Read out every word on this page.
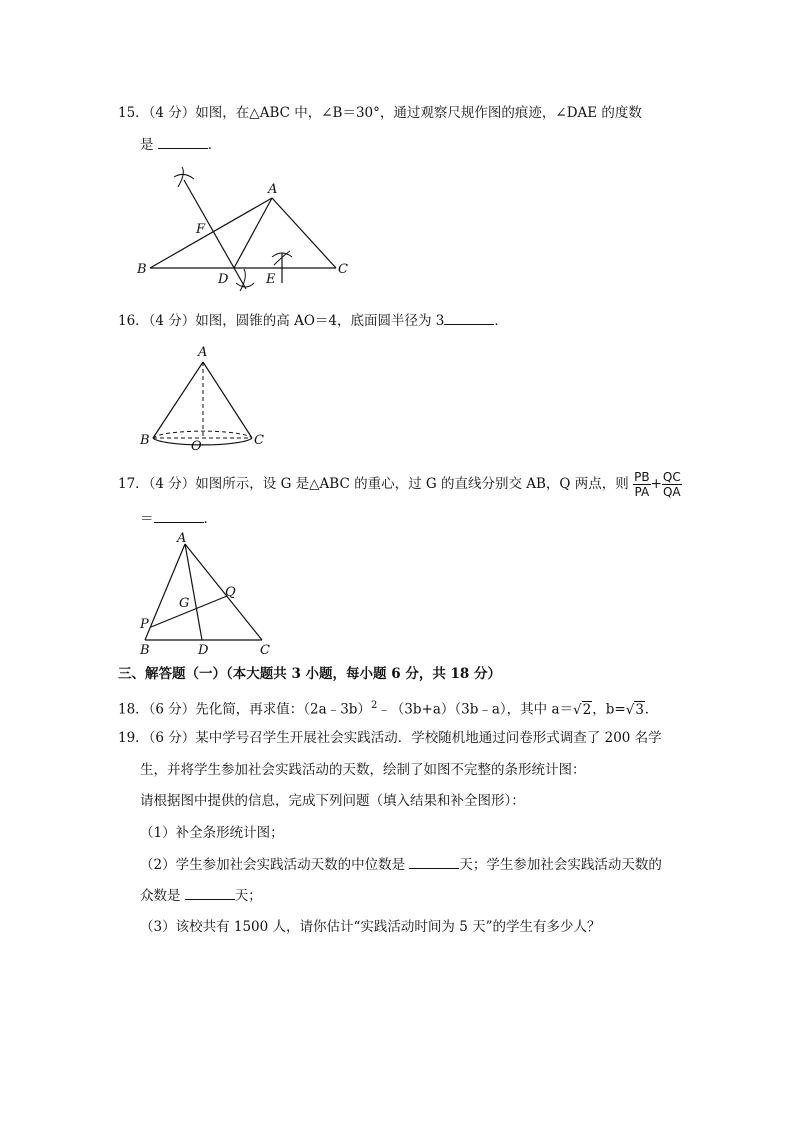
15．（4 分）如图，在△ABC 中，∠B＝30°，通过观察尺规作图的痕迹，∠DAE 的度数
是	．
A
B	C
D	E
F
16．（4 分）如图，圆锥的高 AO＝4，底面圆半径为 3	．
A
B	C
O
17．（4 分）如图所示，设 G 是△ABC 的重心，过 G 的直线分别交 AB，Q 两点，则 $\frac{PB}{PA} + \frac{QC}{QA}$
＝	．
A
B	C
D
G
P
Q
三、解答题（一）（本大题共 3 小题，每小题 6 分，共 18 分）
18．（6 分）先化简，再求值：（2a﹣3b）$^2$﹣（3b+a）（3b﹣a），其中 a＝√2，b=√3．
19．（6 分）某中学号召学生开展社会实践活动．学校随机地通过问卷形式调查了 200 名学
生，并将学生参加社会实践活动的天数，绘制了如图不完整的条形统计图：
请根据图中提供的信息，完成下列问题（填入结果和补全图形）：
（1）补全条形统计图；
（2）学生参加社会实践活动天数的中位数是	天；学生参加社会实践活动天数的
众数是	天；
（3）该校共有 1500 人，请你估计“实践活动时间为 5 天”的学生有多少人？
